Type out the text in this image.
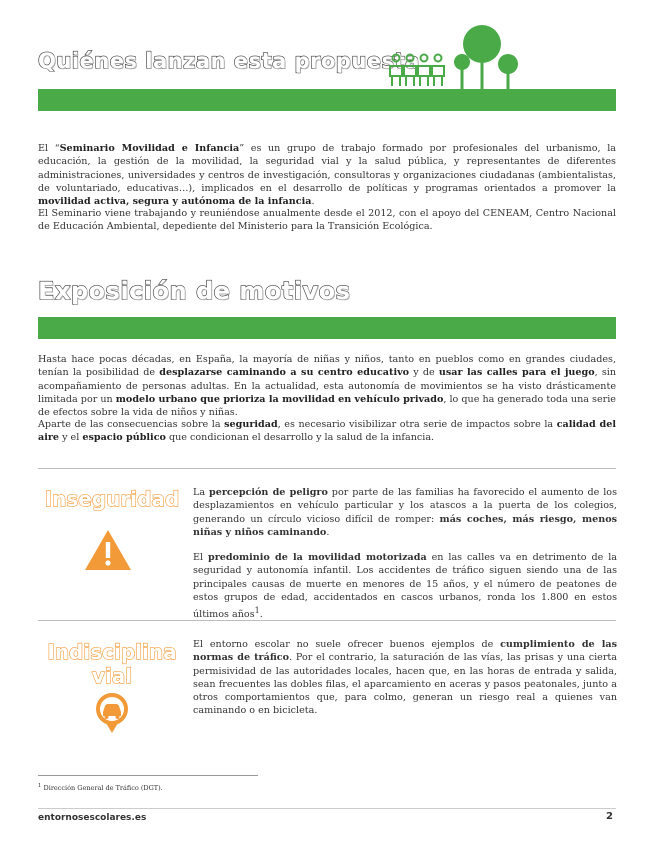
Quiénes lanzan esta propuesta
El “Seminario Movilidad e Infancia” es un grupo de trabajo formado por profesionales del urbanismo, la educación, la gestión de la movilidad, la seguridad vial y la salud pública, y representantes de diferentes administraciones, universidades y centros de investigación, consultoras y organizaciones ciudadanas (ambientalistas, de voluntariado, educativas…), implicados en el desarrollo de políticas y programas orientados a promover la movilidad activa, segura y autónoma de la infancia.
El Seminario viene trabajando y reuniéndose anualmente desde el 2012, con el apoyo del CENEAM, Centro Nacional de Educación Ambiental, depediente del Ministerio para la Transición Ecológica.
Exposición de motivos
Hasta hace pocas décadas, en España, la mayoría de niñas y niños, tanto en pueblos como en grandes ciudades, tenían la posibilidad de desplazarse caminando a su centro educativo y de usar las calles para el juego, sin acompañamiento de personas adultas. En la actualidad, esta autonomía de movimientos se ha visto drásticamente limitada por un modelo urbano que prioriza la movilidad en vehículo privado, lo que ha generado toda una serie de efectos sobre la vida de niños y niñas.
Aparte de las consecuencias sobre la seguridad, es necesario visibilizar otra serie de impactos sobre la calidad del aire y el espacio público que condicionan el desarrollo y la salud de la infancia.
Inseguridad La percepción de peligro por parte de las familias ha favorecido el aumento de los desplazamientos en vehículo particular y los atascos a la puerta de los colegios, generando un círculo vicioso difícil de romper: más coches, más riesgo, menos niñas y niños caminando.
El predominio de la movilidad motorizada en las calles va en detrimento de la seguridad y autonomía infantil. Los accidentes de tráfico siguen siendo una de las principales causas de muerte en menores de 15 años, y el número de peatones de estos grupos de edad, accidentados en cascos urbanos, ronda los 1.800 en estos últimos años$^1$.
Indisciplina
vial
El entorno escolar no suele ofrecer buenos ejemplos de cumplimiento de las normas de tráfico. Por el contrario, la saturación de las vías, las prisas y una cierta permisividad de las autoridades locales, hacen que, en las horas de entrada y salida, sean frecuentes las dobles filas, el aparcamiento en aceras y pasos peatonales, junto a otros comportamientos que, para colmo, generan un riesgo real a quienes van caminando o en bicicleta.
$^1$ Dirección General de Tráfico (DGT).
entornosescolares.es	2
